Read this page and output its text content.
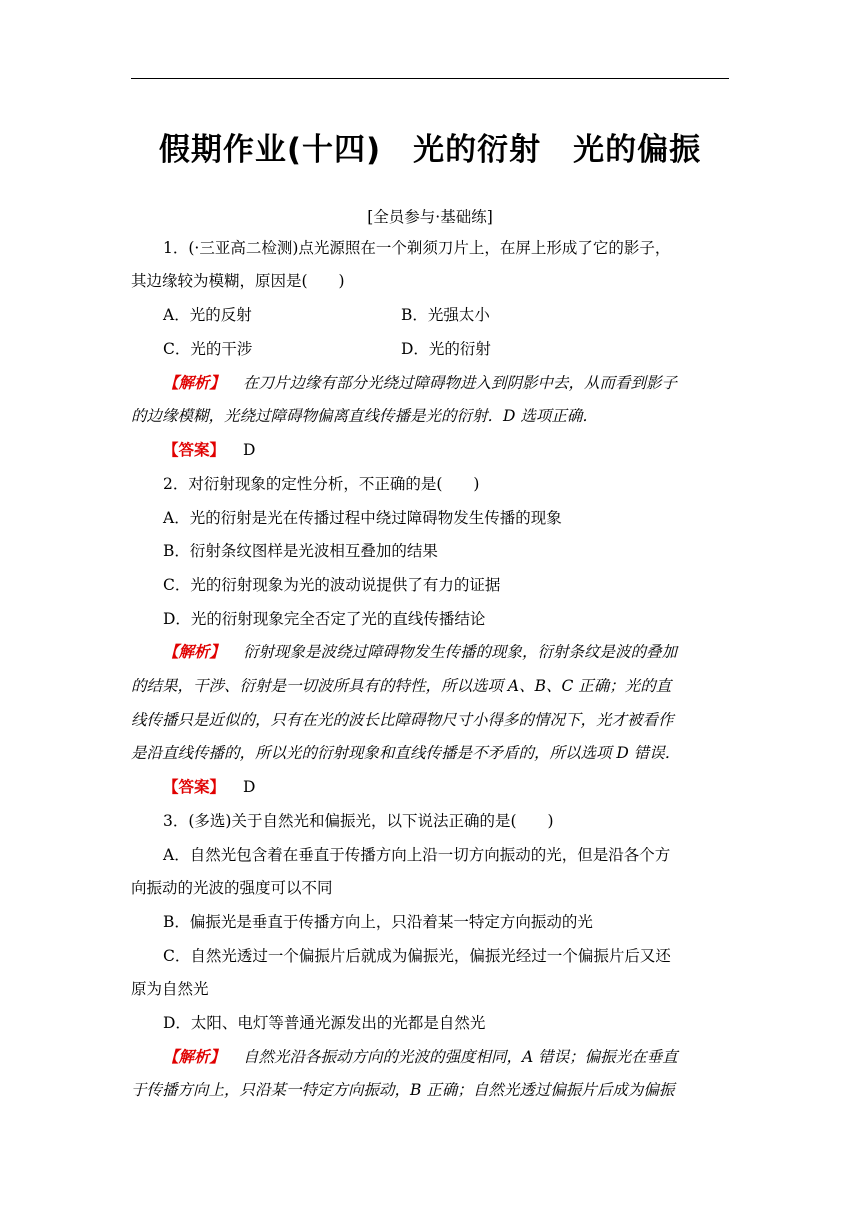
假期作业(十四)　光的衍射　光的偏振
[全员参与·基础练]
1．(·三亚高二检测)点光源照在一个剃须刀片上，在屏上形成了它的影子，
其边缘较为模糊，原因是(　　)
A．光的反射	B．光强太小
C．光的干涉	D．光的衍射
【解析】 在刀片边缘有部分光绕过障碍物进入到阴影中去，从而看到影子
的边缘模糊，光绕过障碍物偏离直线传播是光的衍射．D 选项正确．
【答案】 D
2．对衍射现象的定性分析，不正确的是(　　)
A．光的衍射是光在传播过程中绕过障碍物发生传播的现象
B．衍射条纹图样是光波相互叠加的结果
C．光的衍射现象为光的波动说提供了有力的证据
D．光的衍射现象完全否定了光的直线传播结论
【解析】 衍射现象是波绕过障碍物发生传播的现象，衍射条纹是波的叠加
的结果，干涉、衍射是一切波所具有的特性，所以选项 A、B、C 正确；光的直
线传播只是近似的，只有在光的波长比障碍物尺寸小得多的情况下，光才被看作
是沿直线传播的，所以光的衍射现象和直线传播是不矛盾的，所以选项 D 错误．
【答案】 D
3．(多选)关于自然光和偏振光，以下说法正确的是(　　)
A．自然光包含着在垂直于传播方向上沿一切方向振动的光，但是沿各个方
向振动的光波的强度可以不同
B．偏振光是垂直于传播方向上，只沿着某一特定方向振动的光
C．自然光透过一个偏振片后就成为偏振光，偏振光经过一个偏振片后又还
原为自然光
D．太阳、电灯等普通光源发出的光都是自然光
【解析】 自然光沿各振动方向的光波的强度相同，A 错误；偏振光在垂直
于传播方向上，只沿某一特定方向振动，B 正确；自然光透过偏振片后成为偏振
